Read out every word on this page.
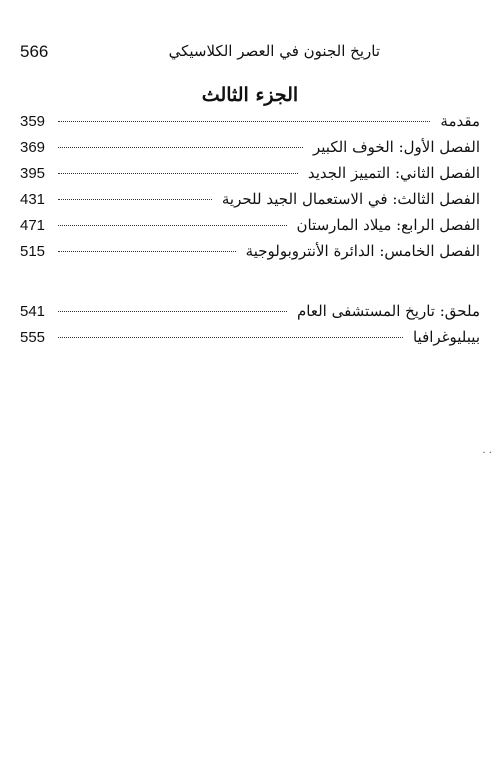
566	تاريخ الجنون في العصر الكلاسيكي
الجزء الثالث
مقدمة
359
الفصل الأول: الخوف الكبير
369
الفصل الثاني: التمييز الجديد
395
الفصل الثالث: في الاستعمال الجيد للحرية
431
الفصل الرابع: ميلاد المارستان
471
الفصل الخامس: الدائرة الأنتروبولوجية
515
ملحق: تاريخ المستشفى العام
541
بيبليوغرافيا
555
· ·
